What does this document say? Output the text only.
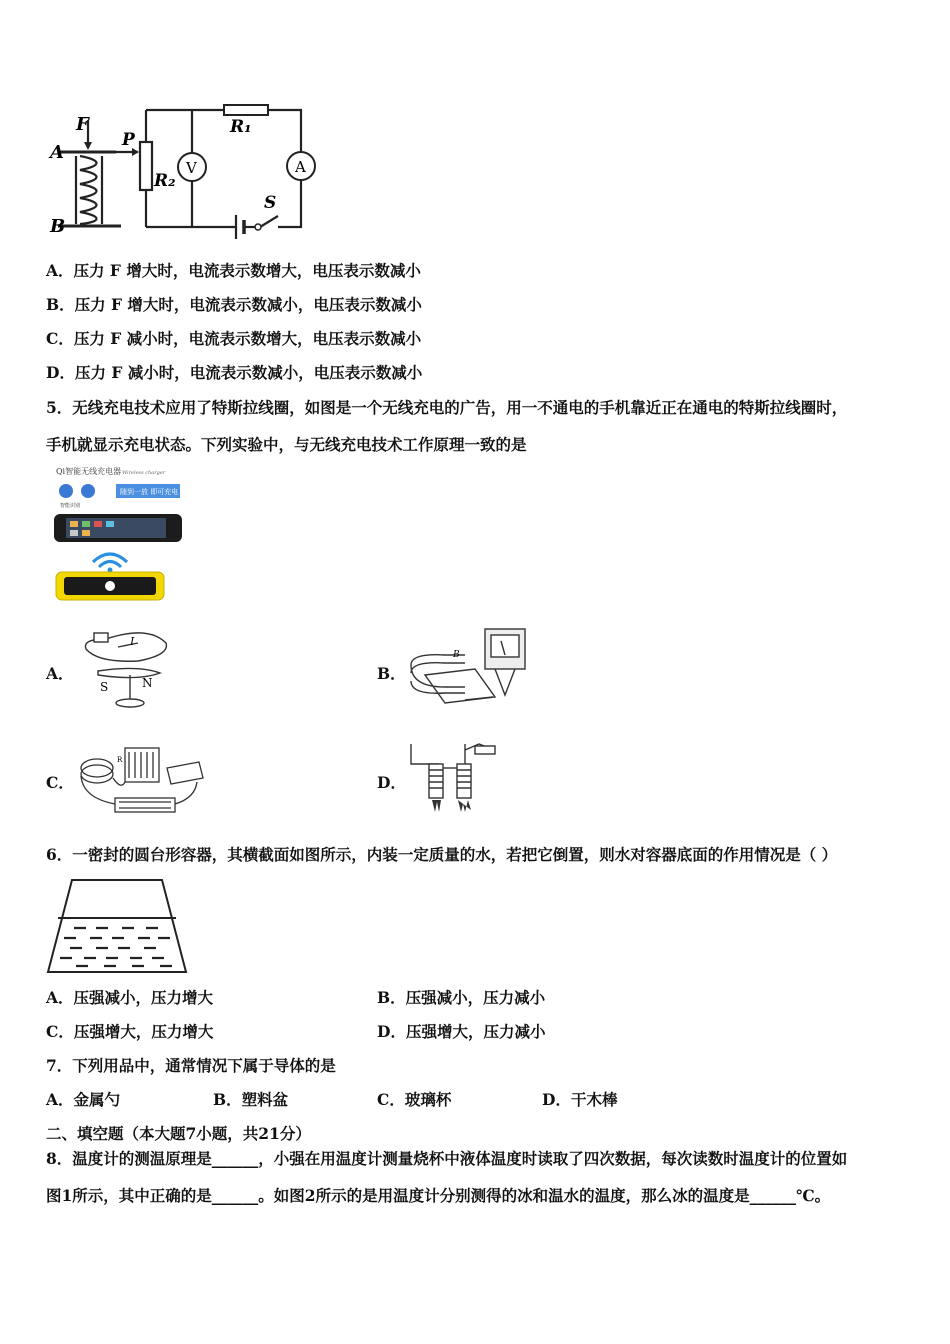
F
P
A
B
R₁
R₂
V	A
S
A．压力 F 增大时，电流表示数增大，电压表示数减小
B．压力 F 增大时，电流表示数减小，电压表示数减小
C．压力 F 减小时，电流表示数增大，电压表示数减小
D．压力 F 减小时，电流表示数减小，电压表示数减小
5．无线充电技术应用了特斯拉线圈，如图是一个无线充电的广告，用一不通电的手机靠近正在通电的特斯拉线圈时，
手机就显示充电状态。下列实验中，与无线充电技术工作原理一致的是
Qi智能无线充电器 Wireless charger
智能识别
随到一放 即可充电
A．
I
S	N	B．
B
C．
R
D．
6．一密封的圆台形容器，其横截面如图所示，内装一定质量的水，若把它倒置，则水对容器底面的作用情况是（ ）
A．压强减小，压力增大	B．压强减小，压力减小
C．压强增大，压力增大	D．压强增大，压力减小
7．下列用品中，通常情况下属于导体的是
A．金属勺	B．塑料盆	C．玻璃杯	D．干木棒
二、填空题（本大题7小题，共21分）
8．温度计的测温原理是______，小强在用温度计测量烧杯中液体温度时读取了四次数据，每次读数时温度计的位置如
图1所示，其中正确的是______。如图2所示的是用温度计分别测得的冰和温水的温度，那么冰的温度是______℃。
